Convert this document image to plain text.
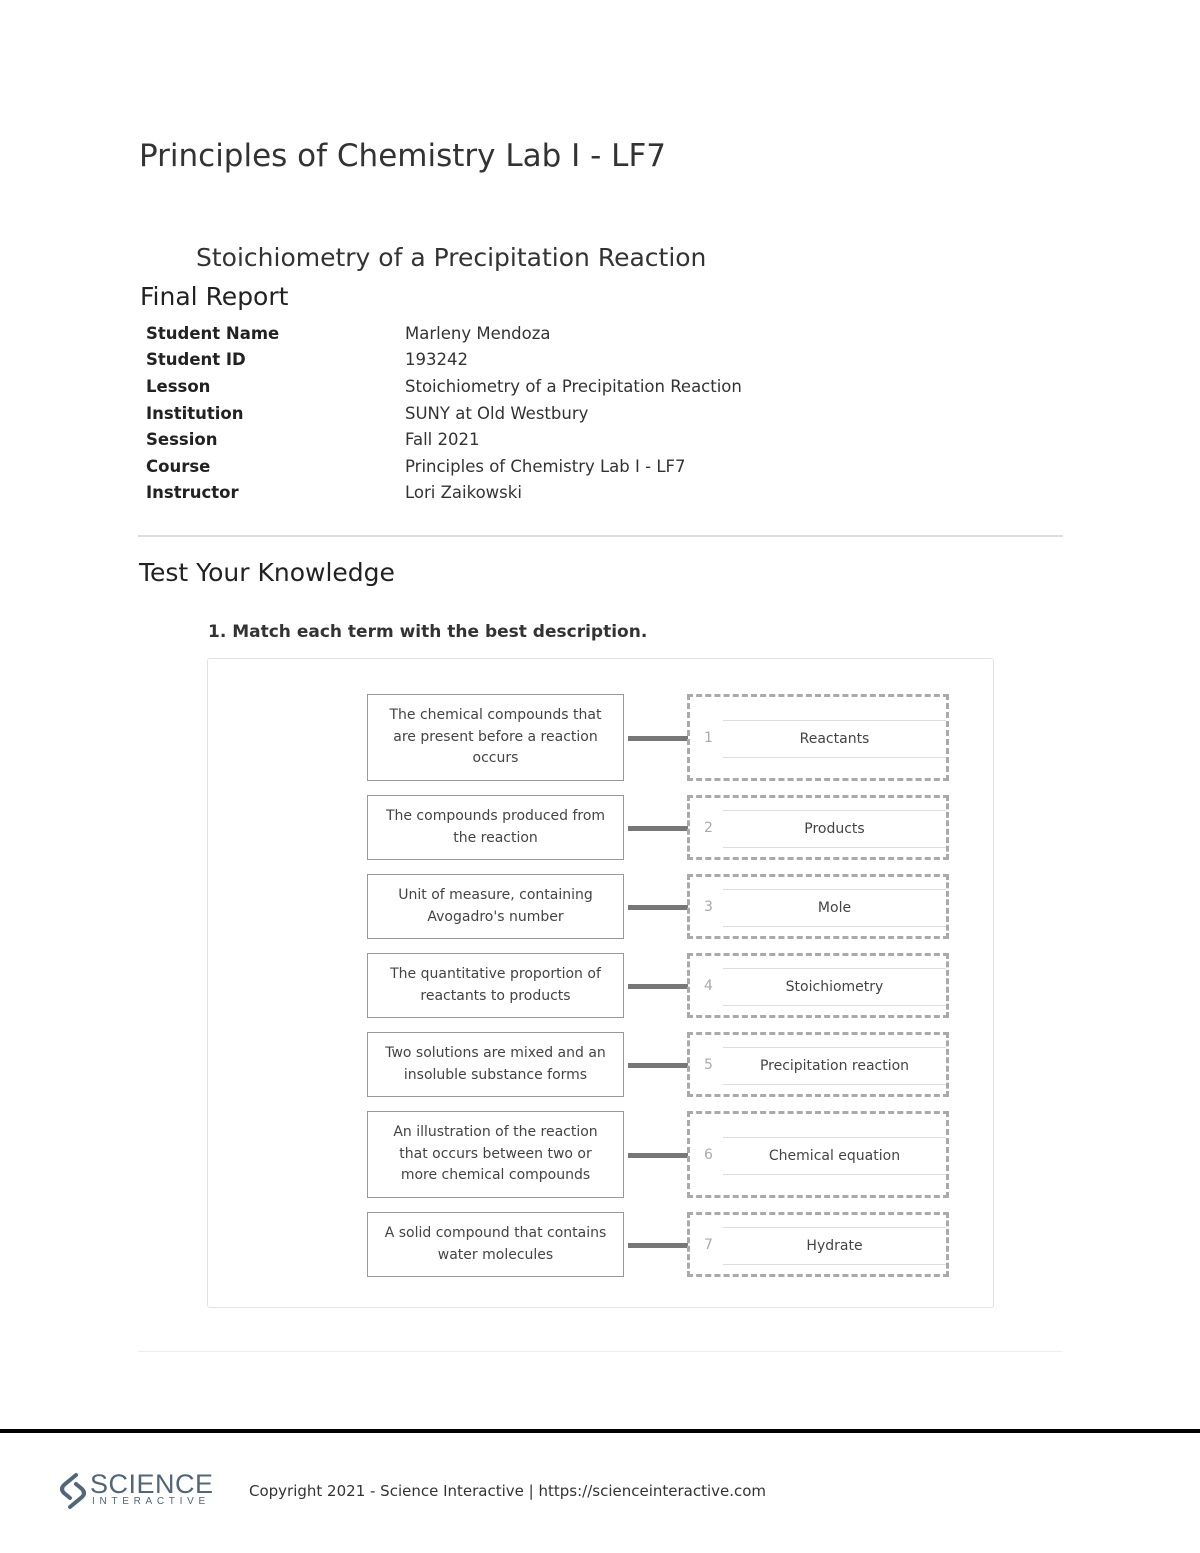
Principles of Chemistry Lab I - LF7
Stoichiometry of a Precipitation Reaction
Final Report
Student Name	Marleny Mendoza
Student ID	193242
Lesson	Stoichiometry of a Precipitation Reaction
Institution	SUNY at Old Westbury
Session	Fall 2021
Course	Principles of Chemistry Lab I - LF7
Instructor	Lori Zaikowski
Test Your Knowledge

1. Match each term with the best description.

The chemical compounds that are present before a reaction occurs
1	Reactants
The compounds produced from the reaction
2	Products
Unit of measure, containing Avogadro's number
3	Mole
The quantitative proportion of reactants to products
4	Stoichiometry
Two solutions are mixed and an insoluble substance forms
5	Precipitation reaction
An illustration of the reaction that occurs between two or more chemical compounds
6	Chemical equation
A solid compound that contains water molecules
7	Hydrate
SCIENCE
INTERACTIVE
Copyright 2021 - Science Interactive | https://scienceinteractive.com
